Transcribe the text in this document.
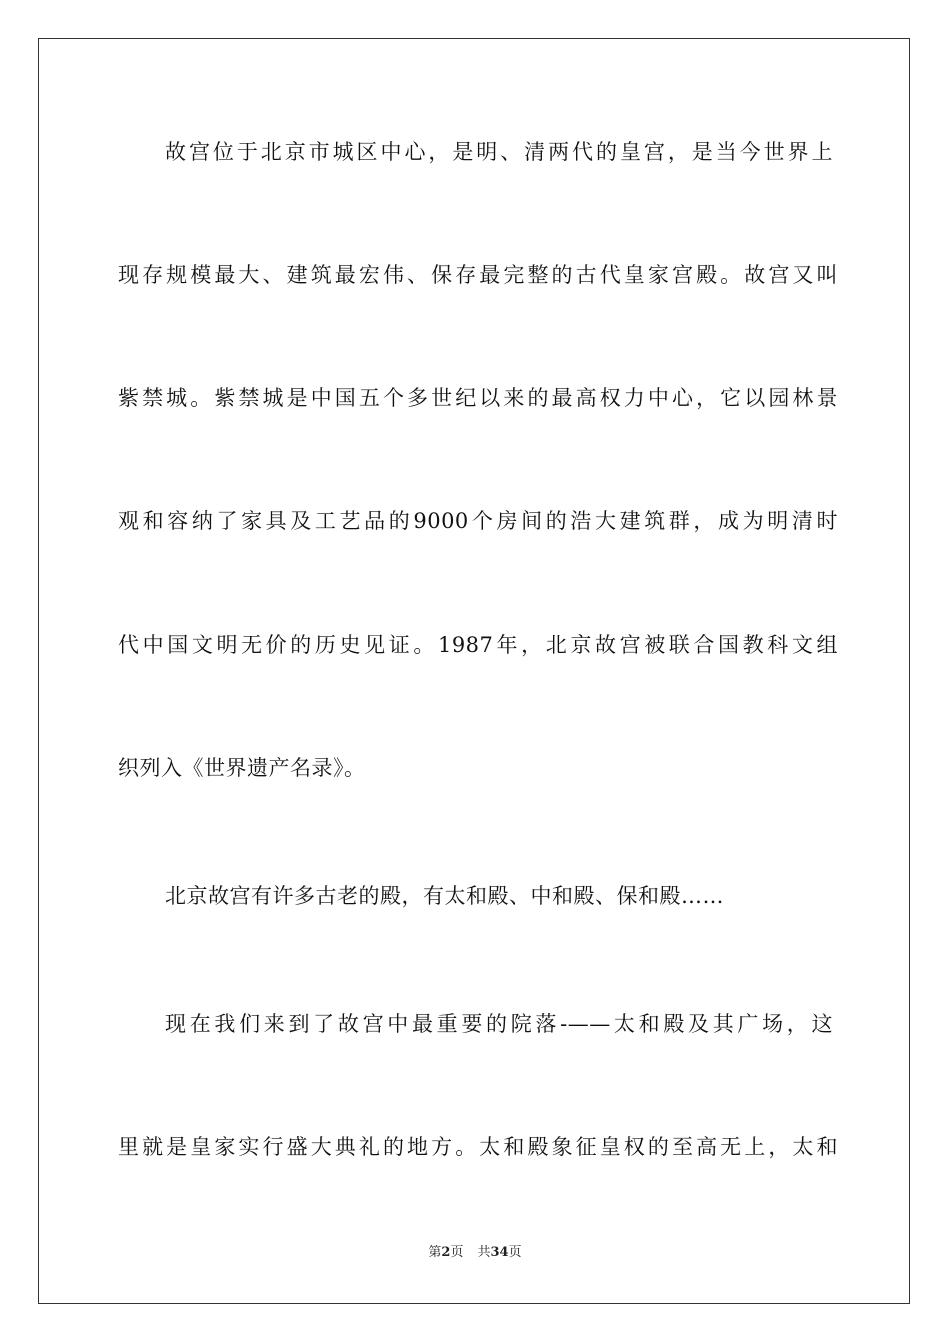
故宫位于北京市城区中心，是明、清两代的皇宫，是当今世界上
现存规模最大、建筑最宏伟、保存最完整的古代皇家宫殿。故宫又叫
紫禁城。紫禁城是中国五个多世纪以来的最高权力中心，它以园林景
观和容纳了家具及工艺品的9000个房间的浩大建筑群，成为明清时
代中国文明无价的历史见证。1987年，北京故宫被联合国教科文组
织列入《世界遗产名录》。
北京故宫有许多古老的殿，有太和殿、中和殿、保和殿……
现在我们来到了故宫中最重要的院落-——太和殿及其广场，这
里就是皇家实行盛大典礼的地方。太和殿象征皇权的至高无上，太和
第2页 共34页
